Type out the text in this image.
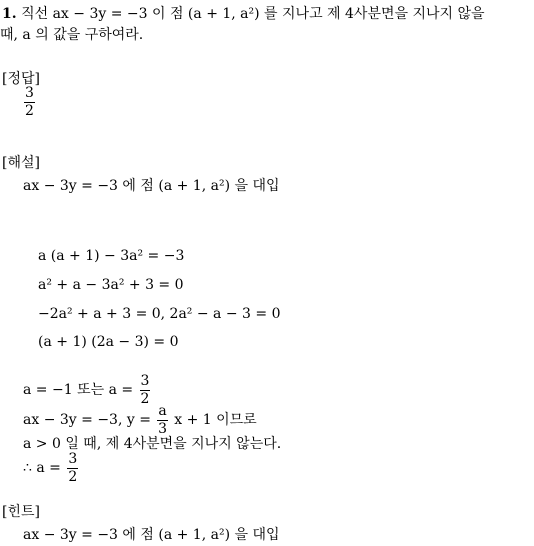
1. 직선 ax − 3y = −3 이 점 (a + 1, a²) 를 지나고 제 4사분면을 지나지 않을
때, a 의 값을 구하여라.
[정답]
$\frac{3}{2}$
[해설]
ax − 3y = −3 에 점 (a + 1, a²) 을 대입
a (a + 1) − 3a² = −3
a² + a − 3a² + 3 = 0
−2a² + a + 3 = 0, 2a² − a − 3 = 0
(a + 1) (2a − 3) = 0
a = −1 또는 $a = \frac{3}{2}$
ax − 3y = −3, $y = \frac{a}{3}$ x + 1 이므로
a > 0 일 때, 제 4사분면을 지나지 않는다.
∴ $a = \frac{3}{2}$
[힌트]
ax − 3y = −3 에 점 (a + 1, a²) 을 대입
